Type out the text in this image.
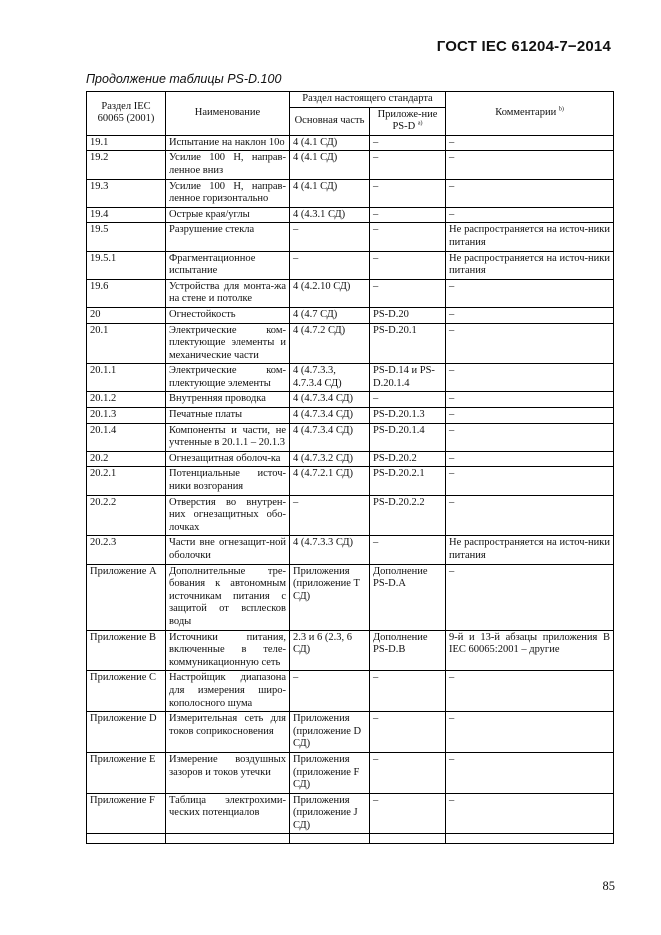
ГОСТ IEC 61204-7−2014
Продолжение таблицы PS-D.100
Раздел IEC 60065 (2001)	Наименование	Раздел настоящего стандарта		Комментарии $^{b)}$
		Основная часть	Приложе-ние PS-D $^{a)}$
19.1	Испытание на наклон 10о	4 (4.1 СД)	–	–
19.2	Усилие 100 Н, направ-ленное вниз	4 (4.1 СД)	–	–
19.3	Усилие 100 Н, направ-ленное горизонтально	4 (4.1 СД)	–	–
19.4	Острые края/углы	4 (4.3.1 СД)	–	–
19.5	Разрушение стекла	–	–	Не распространяется на источ-ники питания
19.5.1	Фрагментационное испытание	–	–	Не распространяется на источ-ники питания
19.6	Устройства для монта-жа на стене и потолке	4 (4.2.10 СД)	–	–
20	Огнестойкость	4 (4.7 СД)	PS-D.20	–
20.1	Электрические ком-плектующие элементы и механические части	4 (4.7.2 СД)	PS-D.20.1	–
20.1.1	Электрические ком-плектующие элементы	4 (4.7.3.3, 4.7.3.4 СД)	PS-D.14 и PS-D.20.1.4	–
20.1.2	Внутренняя проводка	4 (4.7.3.4 СД)	–	–
20.1.3	Печатные платы	4 (4.7.3.4 СД)	PS-D.20.1.3	–
20.1.4	Компоненты и части, не учтенные в 20.1.1 – 20.1.3	4 (4.7.3.4 СД)	PS-D.20.1.4	–
20.2	Огнезащитная оболоч-ка	4 (4.7.3.2 СД)	PS-D.20.2	–
20.2.1	Потенциальные источ-ники возгорания	4 (4.7.2.1 СД)	PS-D.20.2.1	–
20.2.2	Отверстия во внутрен-них огнезащитных обо-лочках	–	PS-D.20.2.2	–
20.2.3	Части вне огнезащит-ной оболочки	4 (4.7.3.3 СД)	–	Не распространяется на источ-ники питания
Приложение А	Дополнительные тре-бования к автономным источникам питания с защитой от всплесков воды	Приложения (приложение Т СД)	Дополнение PS-D.A	–
Приложение В	Источники питания, включенные в теле-коммуникационную сеть	2.3 и 6 (2.3, 6 СД)	Дополнение PS-D.B	9-й и 13-й абзацы приложения В IEC 60065:2001 – другие
Приложение С	Настройщик диапазона для измерения широ-кополосного шума	–	–	–
Приложение D	Измерительная сеть для токов соприкосновения	Приложения (приложение D СД)	–	–
Приложение E	Измерение воздушных зазоров и токов утечки	Приложения (приложение F СД)	–	–
Приложение F	Таблица электрохими-ческих потенциалов	Приложения (приложение J СД)	–	–

85
